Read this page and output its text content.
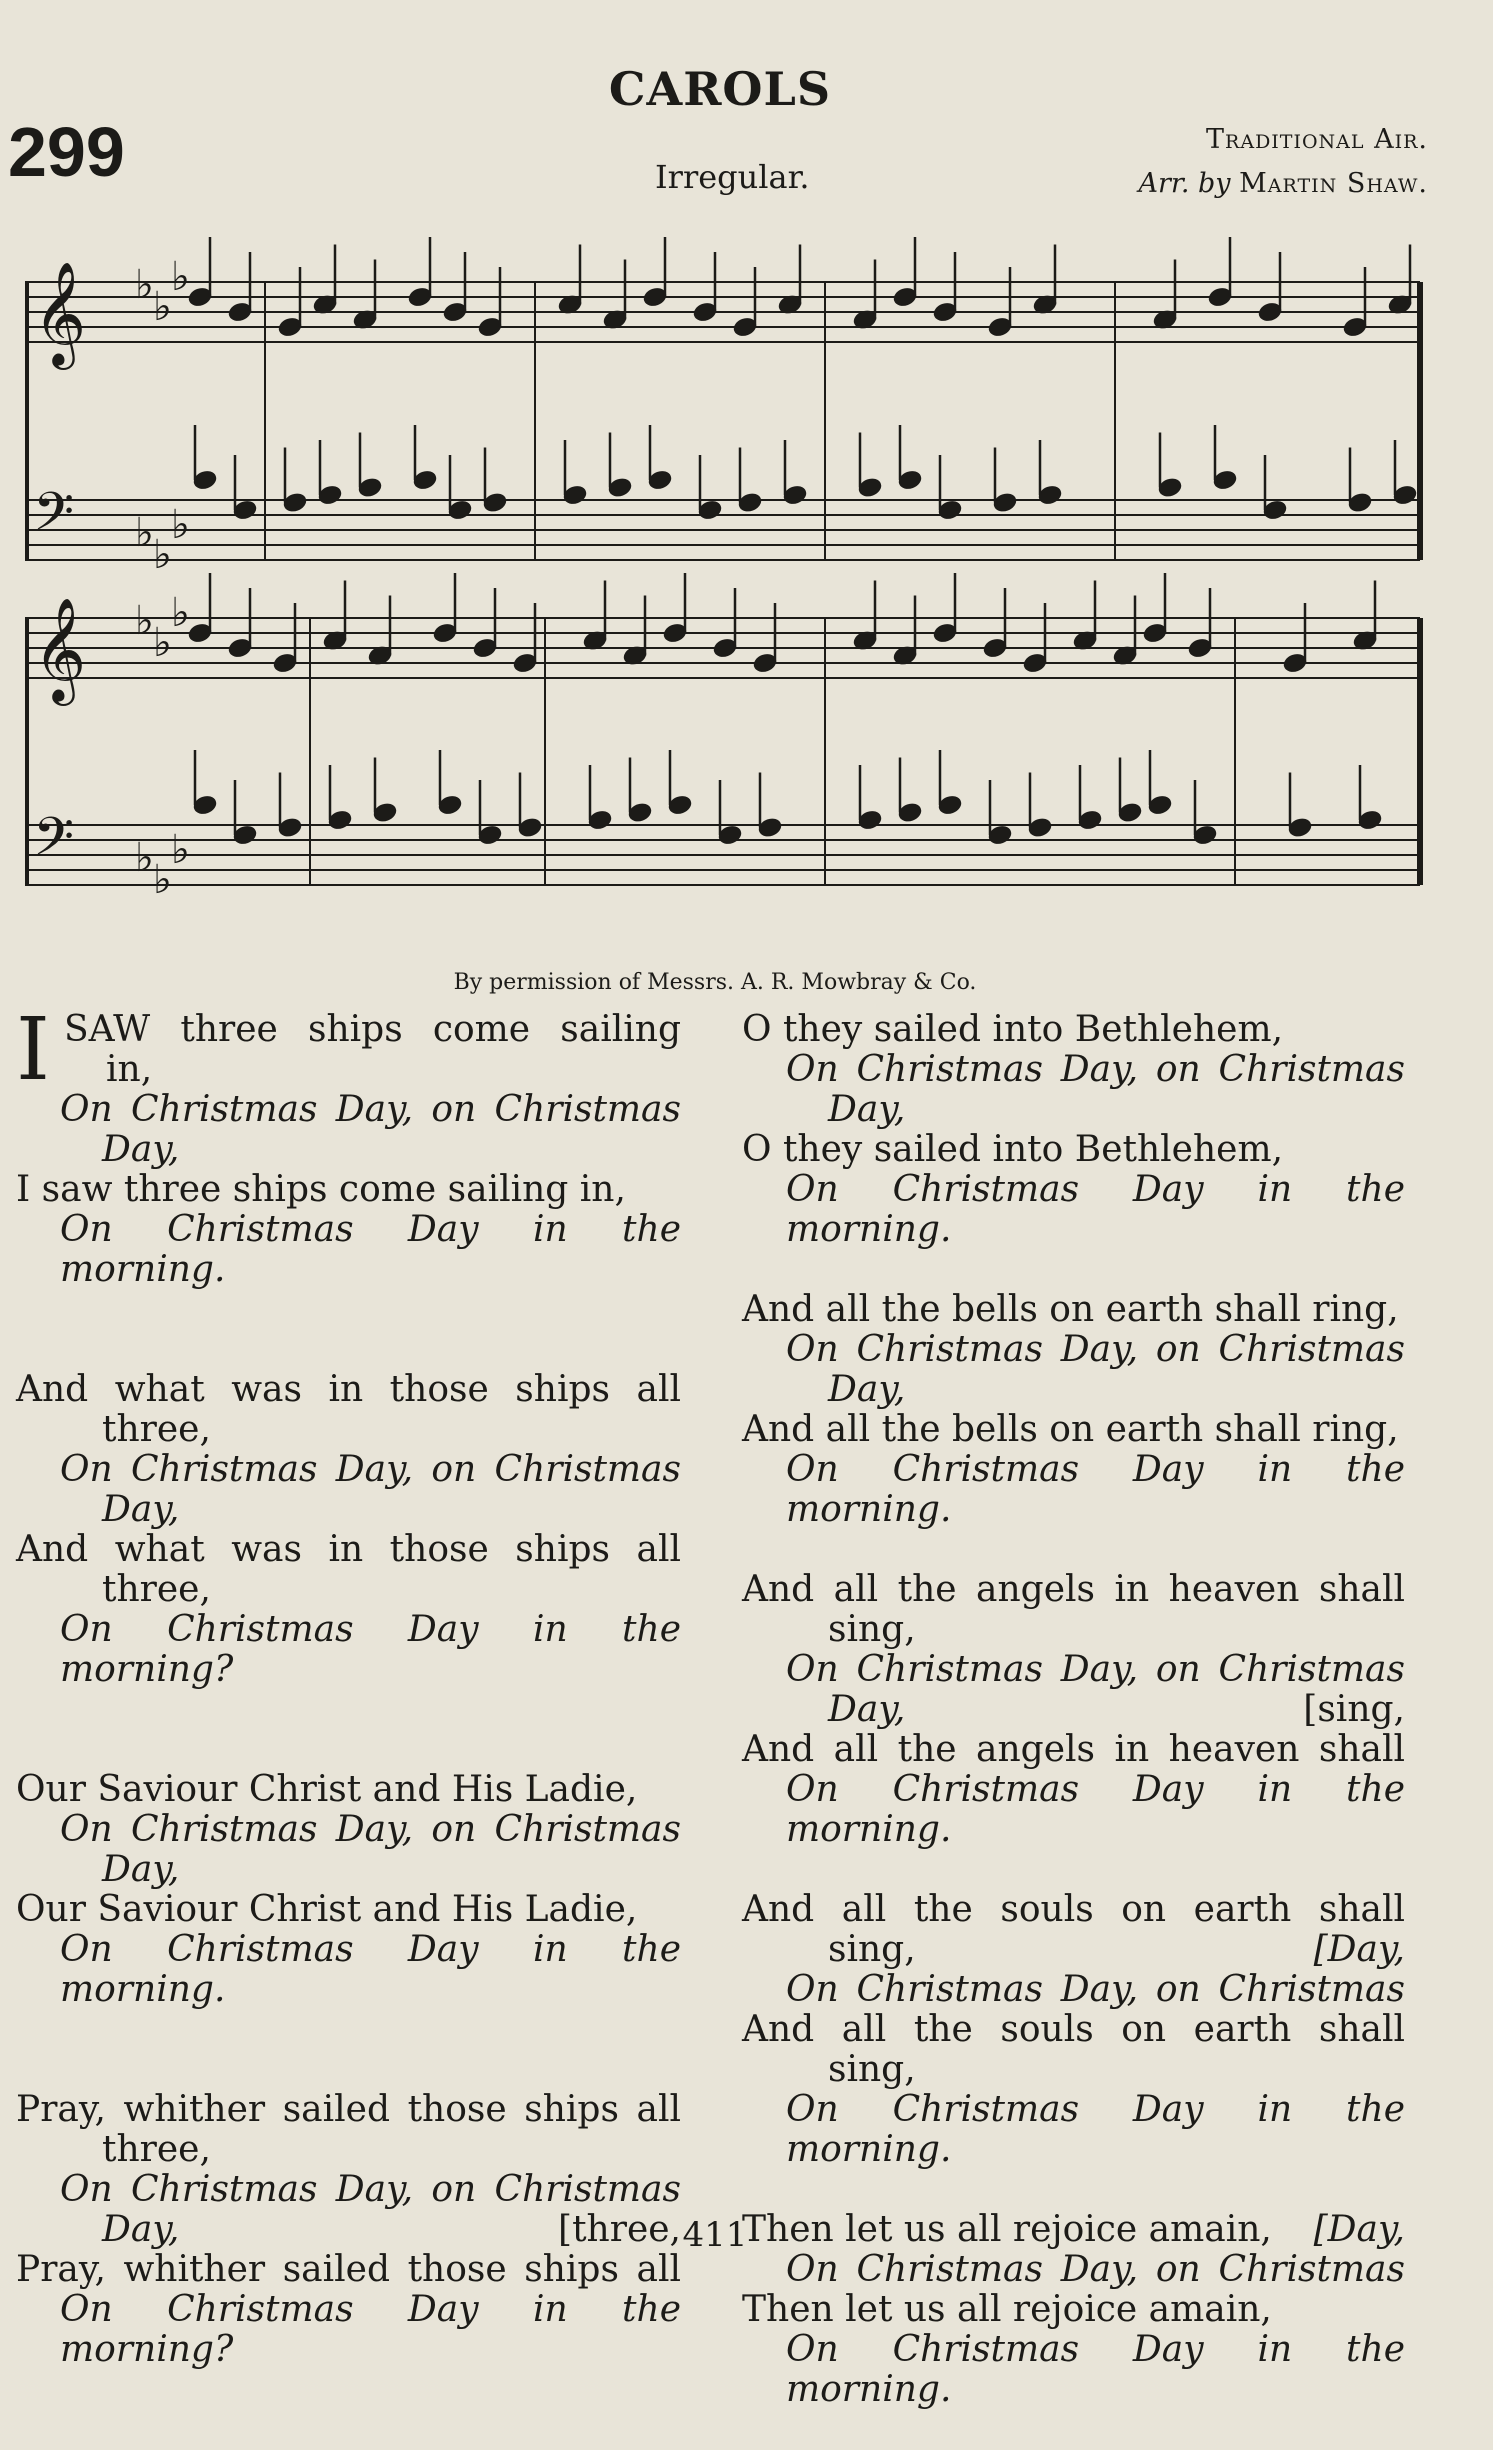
CAROLS
299	Irregular.
Traditional Air.
Arr. by Martin Shaw.
𝄞 ♭ ♭
♭
𝄢 ♭ ♭
♭
𝄞 ♭ ♭
♭
𝄢 ♭ ♭
♭
By permission of Messrs. A. R. Mowbray & Co.
I SAW three ships come sailing
in,
On Christmas Day, on Christmas
Day,
I saw three ships come sailing in,
On Christmas Day in the morning.
And what was in those ships all
three,
On Christmas Day, on Christmas
Day,
And what was in those ships all
three,
On Christmas Day in the morning?
Our Saviour Christ and His Ladie,
On Christmas Day, on Christmas
Day,
Our Saviour Christ and His Ladie,
On Christmas Day in the morning.
Pray, whither sailed those ships all
three,
On Christmas Day, on Christmas
Day,	[three,
Pray, whither sailed those ships all
On Christmas Day in the morning?
O they sailed into Bethlehem,
On Christmas Day, on Christmas
Day,
O they sailed into Bethlehem,
On Christmas Day in the morning.
And all the bells on earth shall ring,
On Christmas Day, on Christmas
Day,
And all the bells on earth shall ring,
On Christmas Day in the morning.
And all the angels in heaven shall
sing,
On Christmas Day, on Christmas
Day,	[sing,
And all the angels in heaven shall
On Christmas Day in the morning.
And all the souls on earth shall
sing,	[Day,
On Christmas Day, on Christmas
And all the souls on earth shall
sing,
On Christmas Day in the morning.
Then let us all rejoice amain, [Day,
On Christmas Day, on Christmas
Then let us all rejoice amain,
On Christmas Day in the morning.
411
